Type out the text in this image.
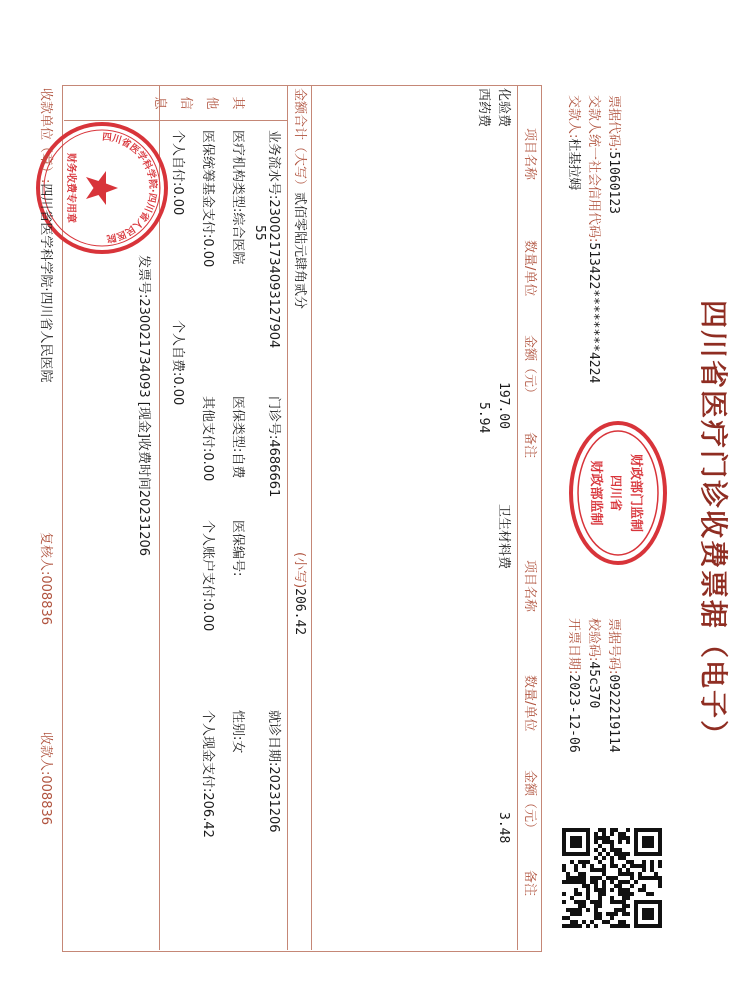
四川省医疗门诊收费票据（电子）
财政部门监制
四川省
财政部监制
票据代码:51060123
交款人统一社会信用代码:513422********4224
交款人:杜基拉姆
票据号码:0922219114
校验码:45c370
开票日期:2023-12-06
项目名称
数量/单位
金额（元）
备注
项目名称
数量/单位
金额（元）
备注
化验费
197.00
西药费
5.94
卫生材料费
3.48
金额合计（大写）贰佰零陆元肆角贰分
(小写)206.42
其他信息
业务流水号:230021734093127904
门诊号:4686661
就诊日期:20231206
55
医疗机构类型:综合医院
医保类型:自费
医保编号:
性别:女
医保统筹基金支付:0.00
其他支付:0.00
个人账户支付:0.00
个人现金支付:206.42
个人自付:0.00
个人自费:0.00
发票号:230021734093 [现金]收费时间20231206
四川省医学科学院·四川省人民医院
财务收费专用章
收款单位（章）:四川省医学科学院·四川省人民医院
复核人:008836
收款人:008836
